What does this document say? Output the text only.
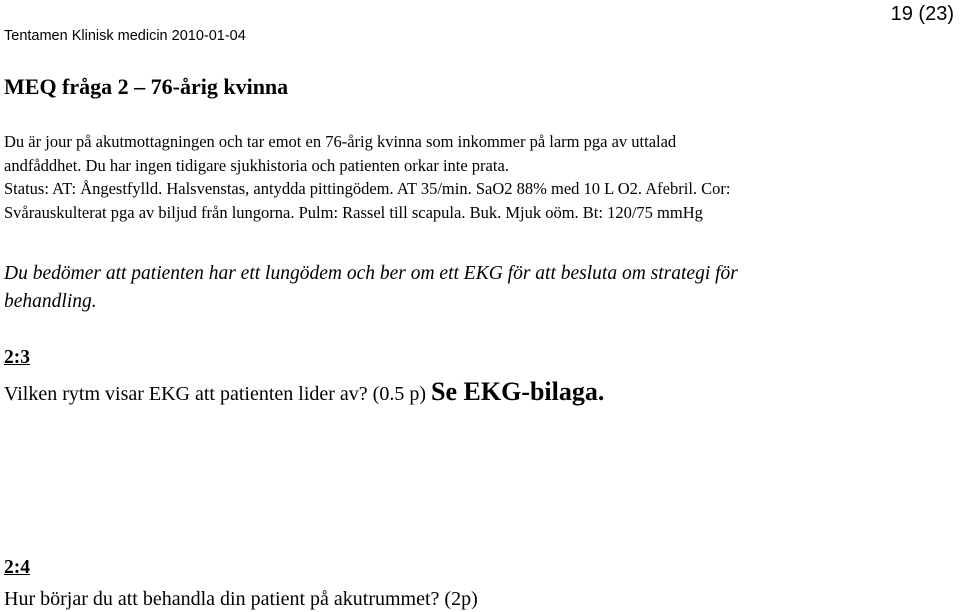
19 (23)
Tentamen Klinisk medicin 2010-01-04
MEQ fråga 2 – 76-årig kvinna
Du är jour på akutmottagningen och tar emot en 76-årig kvinna som inkommer på larm pga av uttalad
andfåddhet. Du har ingen tidigare sjukhistoria och patienten orkar inte prata.
Status: AT: Ångestfylld. Halsvenstas, antydda pittingödem. AT 35/min. SaO2 88% med 10 L O2. Afebril. Cor:
Svårauskulterat pga av biljud från lungorna. Pulm: Rassel till scapula. Buk. Mjuk oöm. Bt: 120/75 mmHg
Du bedömer att patienten har ett lungödem och ber om ett EKG för att besluta om strategi för
behandling.
2:3
Vilken rytm visar EKG att patienten lider av? (0.5 p) Se EKG-bilaga.
2:4
Hur börjar du att behandla din patient på akutrummet? (2p)
